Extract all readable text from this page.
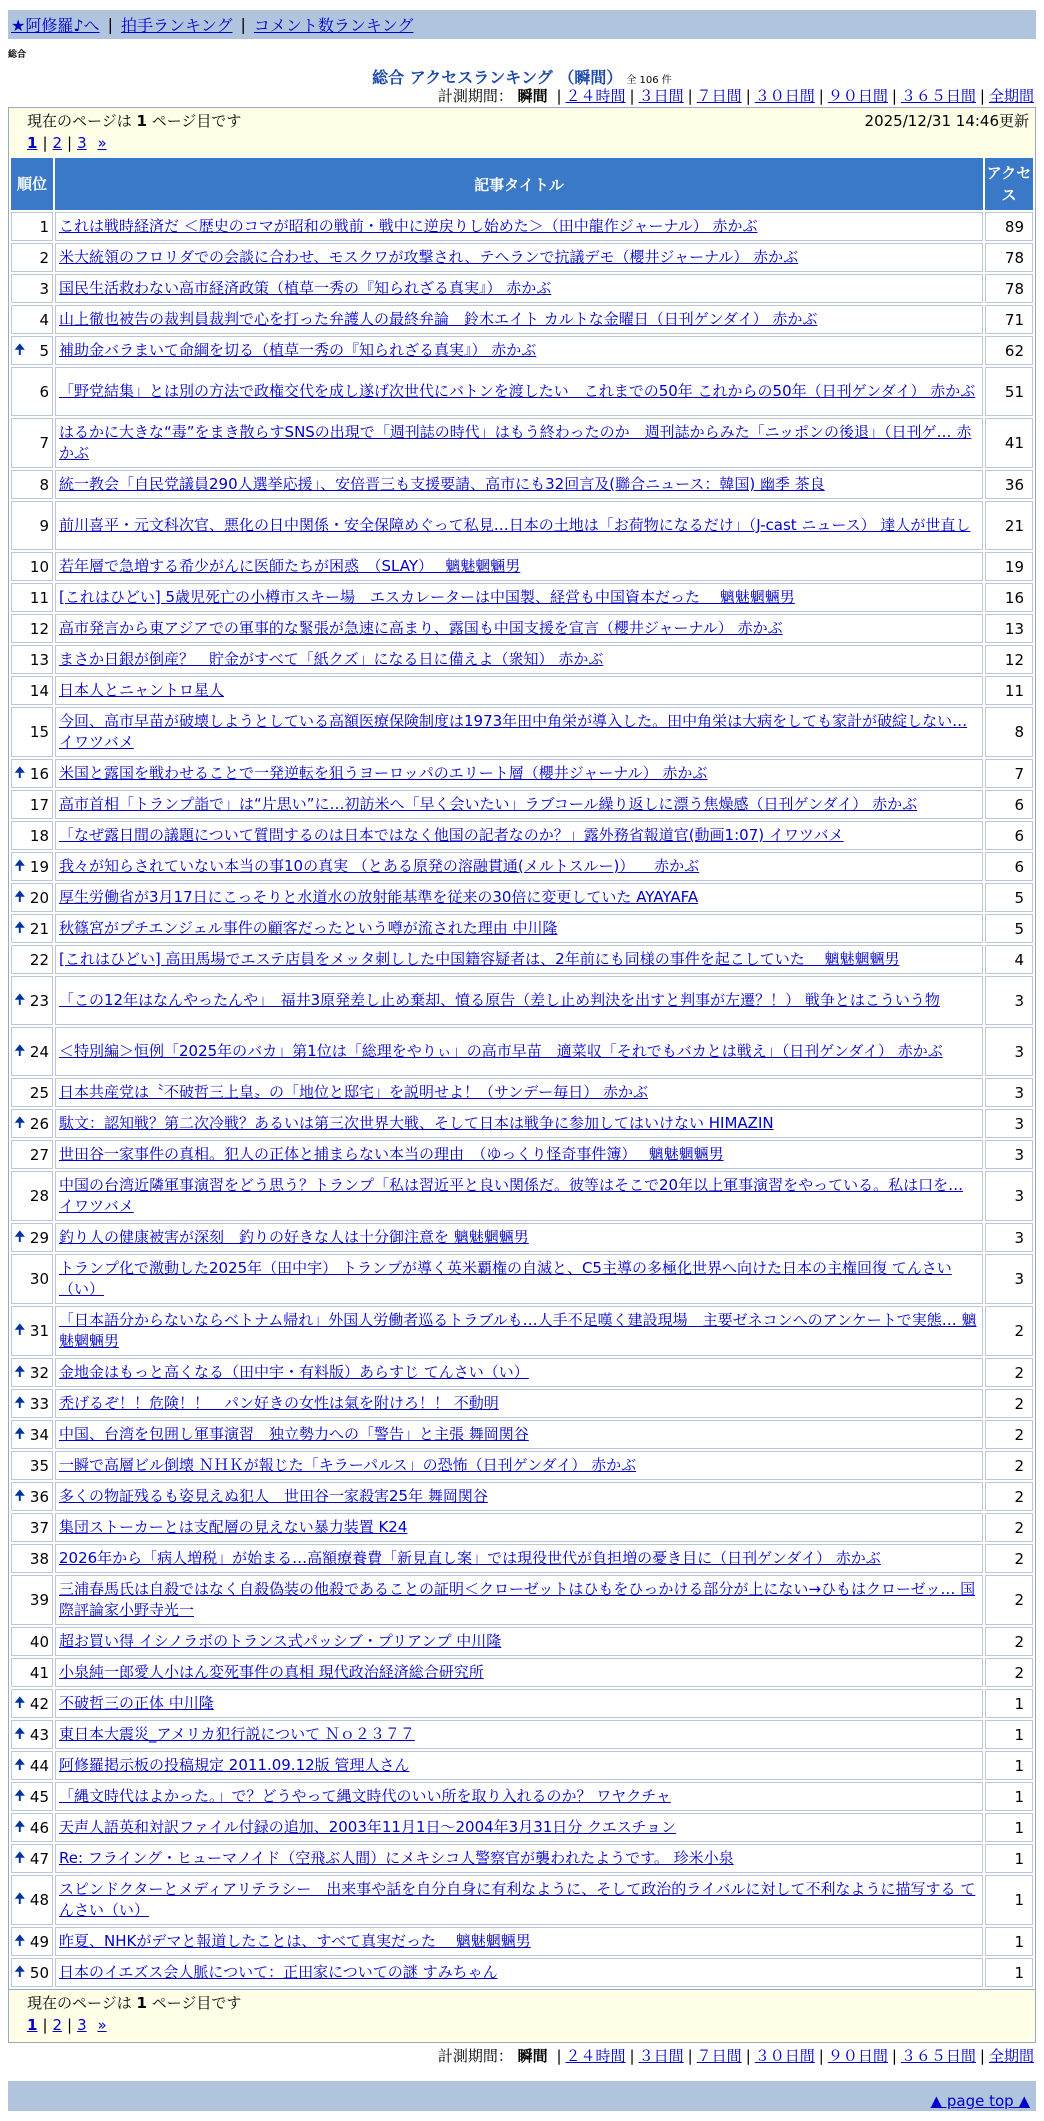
★阿修羅♪へ | 拍手ランキング | コメント数ランキング
総合
総合 アクセスランキング （瞬間） 全 106 件
計測期間： 瞬間 | ２４時間 | ３日間 | ７日間 | ３０日間 | ９０日間 | ３６５日間 | 全期間
現在のページは 1 ページ目です	2025/12/31 14:46更新
1 | 2 | 3 »
順位	記事タイトル	アクセス
1	これは戦時経済だ ＜歴史のコマが昭和の戦前・戦中に逆戻りし始めた＞（田中龍作ジャーナル） 赤かぶ	89
2	米大統領のフロリダでの会談に合わせ、モスクワが攻撃され、テヘランで抗議デモ（櫻井ジャーナル） 赤かぶ	78
3	国民生活救わない高市経済政策（植草一秀の『知られざる真実』） 赤かぶ	78
4	山上徹也被告の裁判員裁判で心を打った弁護人の最終弁論　鈴木エイト カルトな金曜日（日刊ゲンダイ） 赤かぶ	71

🠉 5	補助金バラまいて命綱を切る（植草一秀の『知られざる真実』） 赤かぶ	62
6	「野党結集」とは別の方法で政権交代を成し遂げ次世代にバトンを渡したい　これまでの50年 これからの50年（日刊ゲンダイ） 赤かぶ	51
7	はるかに大きな“毒”をまき散らすSNSの出現で「週刊誌の時代」はもう終わったのか　週刊誌からみた「ニッポンの後退」（日刊ゲ… 赤かぶ	41
8	統一教会「自民党議員290人選挙応援」、安倍晋三も支援要請、高市にも32回言及(聯合ニュース：韓国) 幽季 茶良	36
9	前川喜平・元文科次官、悪化の日中関係・安全保障めぐって私見…日本の土地は「お荷物になるだけ」（J-cast ニュース） 達人が世直し	21
10	若年層で急増する希少がんに医師たちが困惑　（SLAY）　 魑魅魍魎男	19
11	[これはひどい] 5歳児死亡の小樽市スキー場　エスカレーターは中国製、経営も中国資本だった　 魑魅魍魎男	16
12	高市発言から東アジアでの軍事的な緊張が急速に高まり、露国も中国支援を宣言（櫻井ジャーナル） 赤かぶ	13
13	まさか日銀が倒産？　貯金がすべて「紙クズ」になる日に備えよ（衆知） 赤かぶ	12
14	日本人とニャントロ星人	11
15	今回、高市早苗が破壊しようとしている高額医療保険制度は1973年田中角栄が導入した。田中角栄は大病をしても家計が破綻しない… イワツバメ	8

🠉 16	米国と露国を戦わせることで一発逆転を狙うヨーロッパのエリート層（櫻井ジャーナル） 赤かぶ	7
17	高市首相「トランプ詣で」は“片思い”に…初訪米へ「早く会いたい」ラブコール繰り返しに漂う焦燥感（日刊ゲンダイ） 赤かぶ	6
18	「なぜ露日間の議題について質問するのは日本ではなく他国の記者なのか？」露外務省報道官(動画1:07) イワツバメ	6

🠉 19	我々が知らされていない本当の事10の真実 （とある原発の溶融貫通(メルトスルー)） 　赤かぶ	6

🠉 20	厚生労働省が3月17日にこっそりと水道水の放射能基準を従来の30倍に変更していた AYAYAFA	5

🠉 21	秋篠宮がプチエンジェル事件の顧客だったという噂が流された理由 中川隆	5
22	[これはひどい] 高田馬場でエステ店員をメッタ刺しした中国籍容疑者は、2年前にも同様の事件を起こしていた　 魑魅魍魎男	4

🠉 23	「この12年はなんやったんや」　福井3原発差し止め棄却、憤る原告（差し止め判決を出すと判事が左遷？！） 戦争とはこういう物	3

🠉 24	＜特別編＞恒例「2025年のバカ」第1位は「総理をやりぃ」の高市早苗　適菜収「それでもバカとは戦え」（日刊ゲンダイ） 赤かぶ	3
25	日本共産党は〝不破哲三上皇〟の「地位と邸宅」を説明せよ！（サンデー毎日） 赤かぶ	3

🠉 26	駄文：認知戦？第二次冷戦？あるいは第三次世界大戦、そして日本は戦争に参加してはいけない HIMAZIN	3
27	世田谷一家事件の真相。犯人の正体と捕まらない本当の理由　（ゆっくり怪奇事件簿）　 魑魅魍魎男	3
28	中国の台湾近隣軍事演習をどう思う？トランプ「私は習近平と良い関係だ。彼等はそこで20年以上軍事演習をやっている。私は口を… イワツバメ	3

🠉 29	釣り人の健康被害が深刻　釣りの好きな人は十分御注意を 魑魅魍魎男	3
30	トランプ化で激動した2025年（田中宇） トランプが導く英米覇権の自滅と、C5主導の多極化世界へ向けた日本の主権回復 てんさい（い）	3

🠉 31	「日本語分からないならベトナム帰れ」外国人労働者巡るトラブルも…人手不足嘆く建設現場　主要ゼネコンへのアンケートで実態… 魑魅魍魎男	2

🠉 32	金地金はもっと高くなる（田中宇・有料版）あらすじ てんさい（い）	2

🠉 33	禿げるぞ！！危険！！　パン好きの女性は氣を附けろ！！ 不動明	2

🠉 34	中国、台湾を包囲し軍事演習　独立勢力への「警告」と主張 舞岡関谷	2
35	一瞬で高層ビル倒壊 ＮＨＫが報じた「キラーパルス」の恐怖（日刊ゲンダイ） 赤かぶ	2

🠉 36	多くの物証残るも姿見えぬ犯人　世田谷一家殺害25年 舞岡関谷	2
37	集団ストーカーとは支配層の見えない暴力装置 K24	2
38	2026年から「病人増税」が始まる…高額療養費「新見直し案」では現役世代が負担増の憂き目に（日刊ゲンダイ） 赤かぶ	2
39	三浦春馬氏は自殺ではなく自殺偽装の他殺であることの証明＜クローゼットはひもをひっかける部分が上にない→ひもはクローゼッ… 国際評論家小野寺光一	2
40	超お買い得 イシノラボのトランス式パッシブ・プリアンプ 中川隆	2
41	小泉純一郎愛人小はん変死事件の真相 現代政治経済総合研究所	2

🠉 42	不破哲三の正体 中川隆	1

🠉 43	東日本大震災_アメリカ犯行説について Ｎｏ２３７７	1

🠉 44	阿修羅掲示板の投稿規定 2011.09.12版 管理人さん	1

🠉 45	「縄文時代はよかった。」で？どうやって縄文時代のいい所を取り入れるのか？ ワヤクチャ	1

🠉 46	天声人語英和対訳ファイル付録の追加、2003年11月1日〜2004年3月31日分 クエスチョン	1

🠉 47	Re: フライング・ヒューマノイド（空飛ぶ人間）にメキシコ人警察官が襲われたようです。 珍米小泉	1

🠉 48	スピンドクターとメディアリテラシー　出来事や話を自分自身に有利なように、そして政治的ライバルに対して不利なように描写する てんさい（い）	1

🠉 49	昨夏、NHKがデマと報道したことは、すべて真実だった　 魑魅魍魎男	1

🠉 50	日本のイエズス会人脈について：正田家についての謎 すみちゃん	1
現在のページは 1 ページ目です
1 | 2 | 3 »
計測期間： 瞬間 | ２４時間 | ３日間 | ７日間 | ３０日間 | ９０日間 | ３６５日間 | 全期間
▲ page top ▲
